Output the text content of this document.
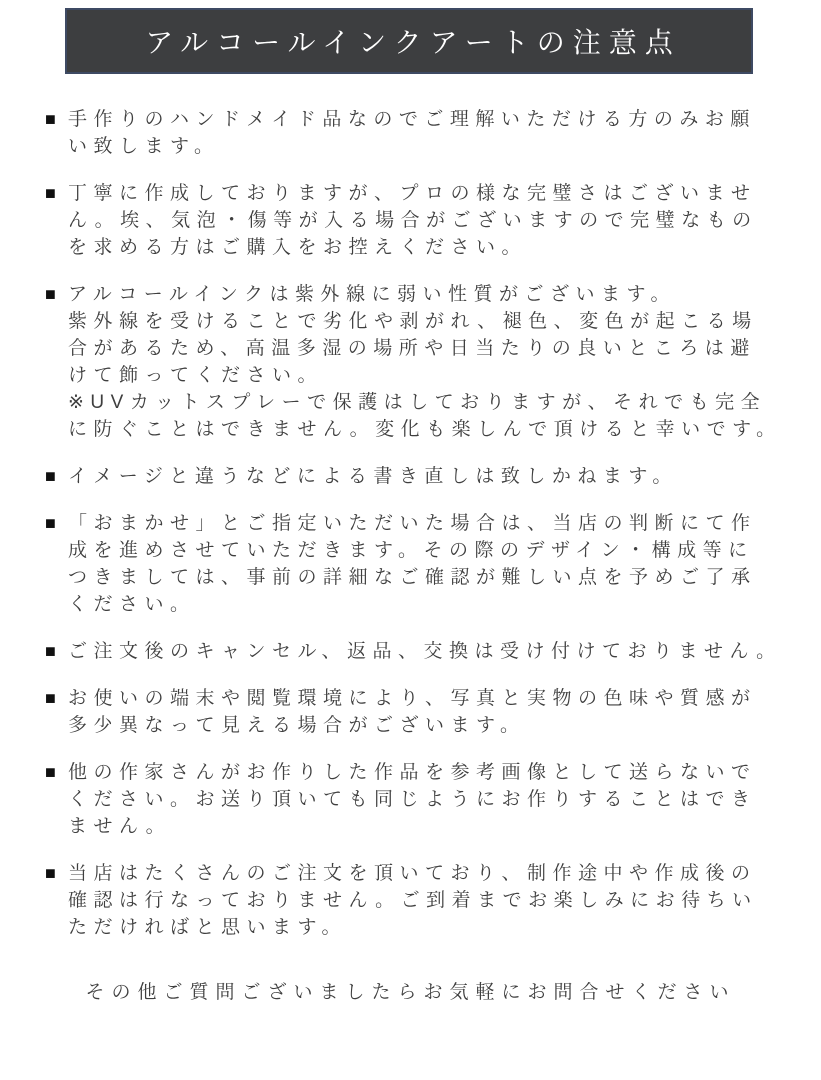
アルコールインクアートの注意点
■ 手作りのハンドメイド品なのでご理解いただける方のみお願
い致します。
■ 丁寧に作成しておりますが、プロの様な完璧さはございませ
ん。埃、気泡・傷等が入る場合がございますので完璧なもの
を求める方はご購入をお控えください。
■ アルコールインクは紫外線に弱い性質がございます。
紫外線を受けることで劣化や剥がれ、褪色、変色が起こる場
合があるため、高温多湿の場所や日当たりの良いところは避
けて飾ってください。
※UVカットスプレーで保護はしておりますが、それでも完全
に防ぐことはできません。変化も楽しんで頂けると幸いです。
■ イメージと違うなどによる書き直しは致しかねます。
■ 「おまかせ」とご指定いただいた場合は、当店の判断にて作
成を進めさせていただきます。その際のデザイン・構成等に
つきましては、事前の詳細なご確認が難しい点を予めご了承
ください。
■ ご注文後のキャンセル、返品、交換は受け付けておりません。
■ お使いの端末や閲覧環境により、写真と実物の色味や質感が
多少異なって見える場合がございます。
■ 他の作家さんがお作りした作品を参考画像として送らないで
ください。お送り頂いても同じようにお作りすることはでき
ません。
■ 当店はたくさんのご注文を頂いており、制作途中や作成後の
確認は行なっておりません。ご到着までお楽しみにお待ちい
ただければと思います。
その他ご質問ございましたらお気軽にお問合せください
